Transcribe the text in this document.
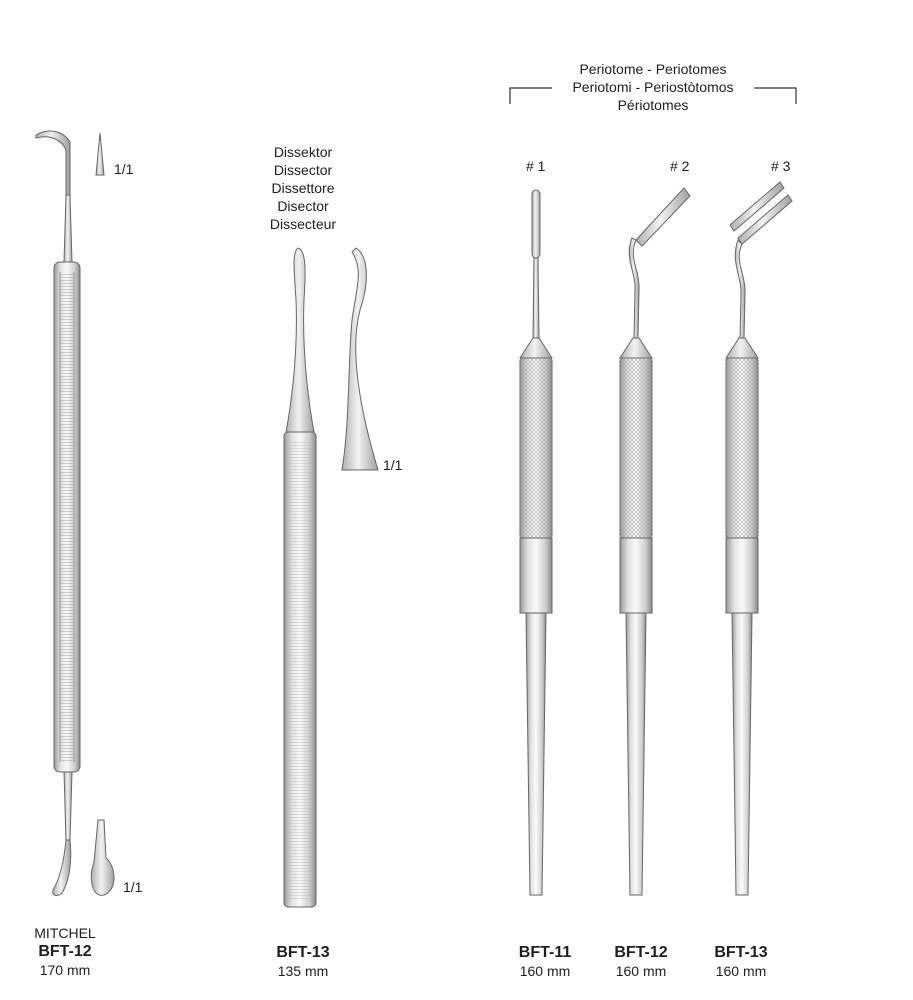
1/1
1/1
MITCHEL
BFT-12
170 mm
Dissektor
Dissector
Dissettore
Disector
Dissecteur
1/1
BFT-13
135 mm
Periotome - Periotomes
Periotomi - Periostòtomos
Périotomes
# 1	# 2	# 3
BFT-11
160 mm
BFT-12
160 mm
BFT-13
160 mm
